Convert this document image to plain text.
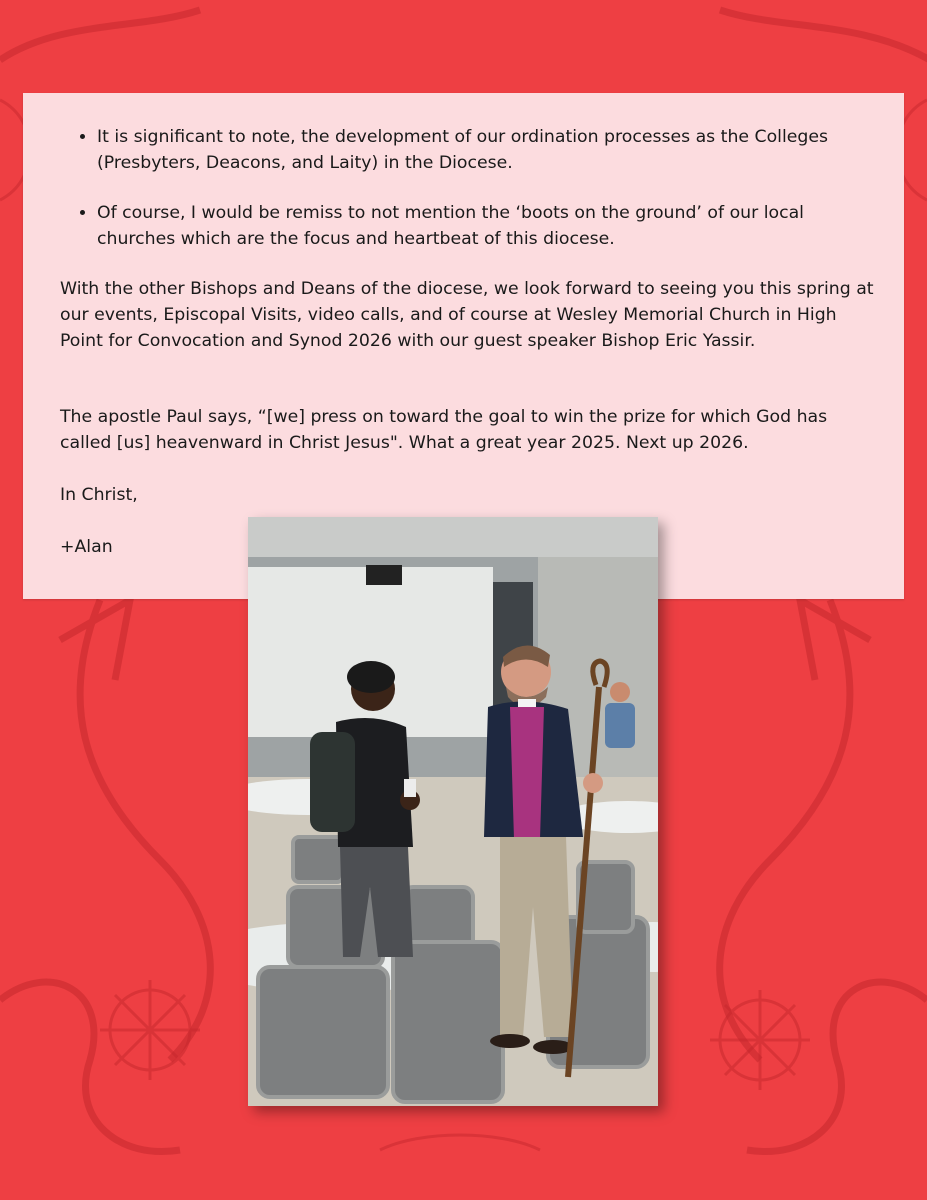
• It is significant to note, the development of our ordination processes as the Colleges (Presbyters, Deacons, and Laity) in the Diocese.
• Of course, I would be remiss to not mention the ‘boots on the ground’ of our local churches which are the focus and heartbeat of this diocese.

With the other Bishops and Deans of the diocese, we look forward to seeing you this spring at our events, Episcopal Visits, video calls, and of course at Wesley Memorial Church in High Point for Convocation and Synod 2026 with our guest speaker Bishop Eric Yassir.

The apostle Paul says, “[we] press on toward the goal to win the prize for which God has called [us] heavenward in Christ Jesus". What a great year 2025. Next up 2026.

In Christ,

+Alan
